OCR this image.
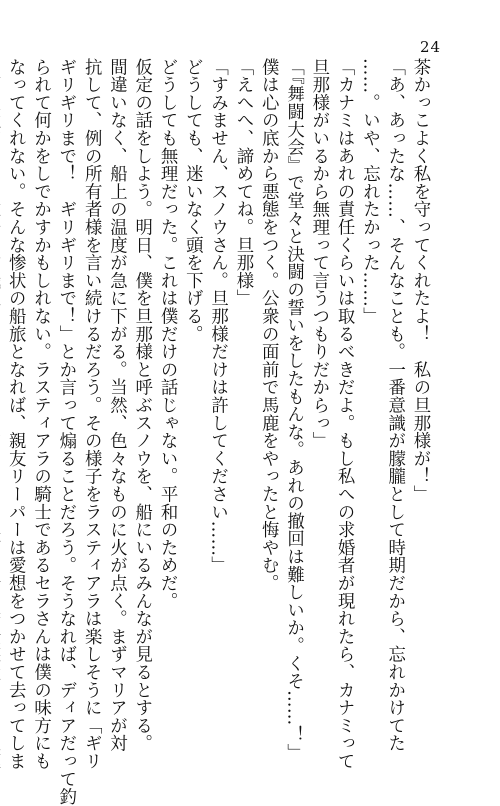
24
茶かっこよく私を守ってくれたよ！　私の旦那様が！」
「あ、あったな……、そんなことも。一番意識が朦朧として時期だから、忘れかけてた
……。いや、忘れたかった……」
「カナミはあれの責任くらいは取るべきだよ。もし私への求婚者が現れたら、カナミって
旦那様がいるから無理って言うつもりだからっ」
「『舞闘大会』で堂々と決闘の誓いをしたもんな。あれの撤回は難しいか。くそ……！」
僕は心の底から悪態をつく。公衆の面前で馬鹿をやったと悔やむ。
「えへへ、諦めてね。旦那様」
「すみません、スノウさん。旦那様だけは許してください……」
どうしても、迷いなく頭を下げる。
どうしても無理だった。これは僕だけの話じゃない。平和のためだ。
仮定の話をしよう。明日、僕を旦那様と呼ぶスノウを、船にいるみんなが見るとする。
間違いなく、船上の温度が急に下がる。当然、色々なものに火が点く。まずマリアが対
抗して、例の所有者様を言い続けるだろう。その様子をラスティアラは楽しそうに「ギリ
ギリギリまで！　ギリギリまで！」とか言って煽ることだろう。そうなれば、ディアだって釣
られて何かをしでかすかもしれない。ラスティアラの騎士であるセラさんは僕の味方にも
なってくれない。そんな惨状の船旅となれば、親友リーパーは愛想をつかせて去ってしま
